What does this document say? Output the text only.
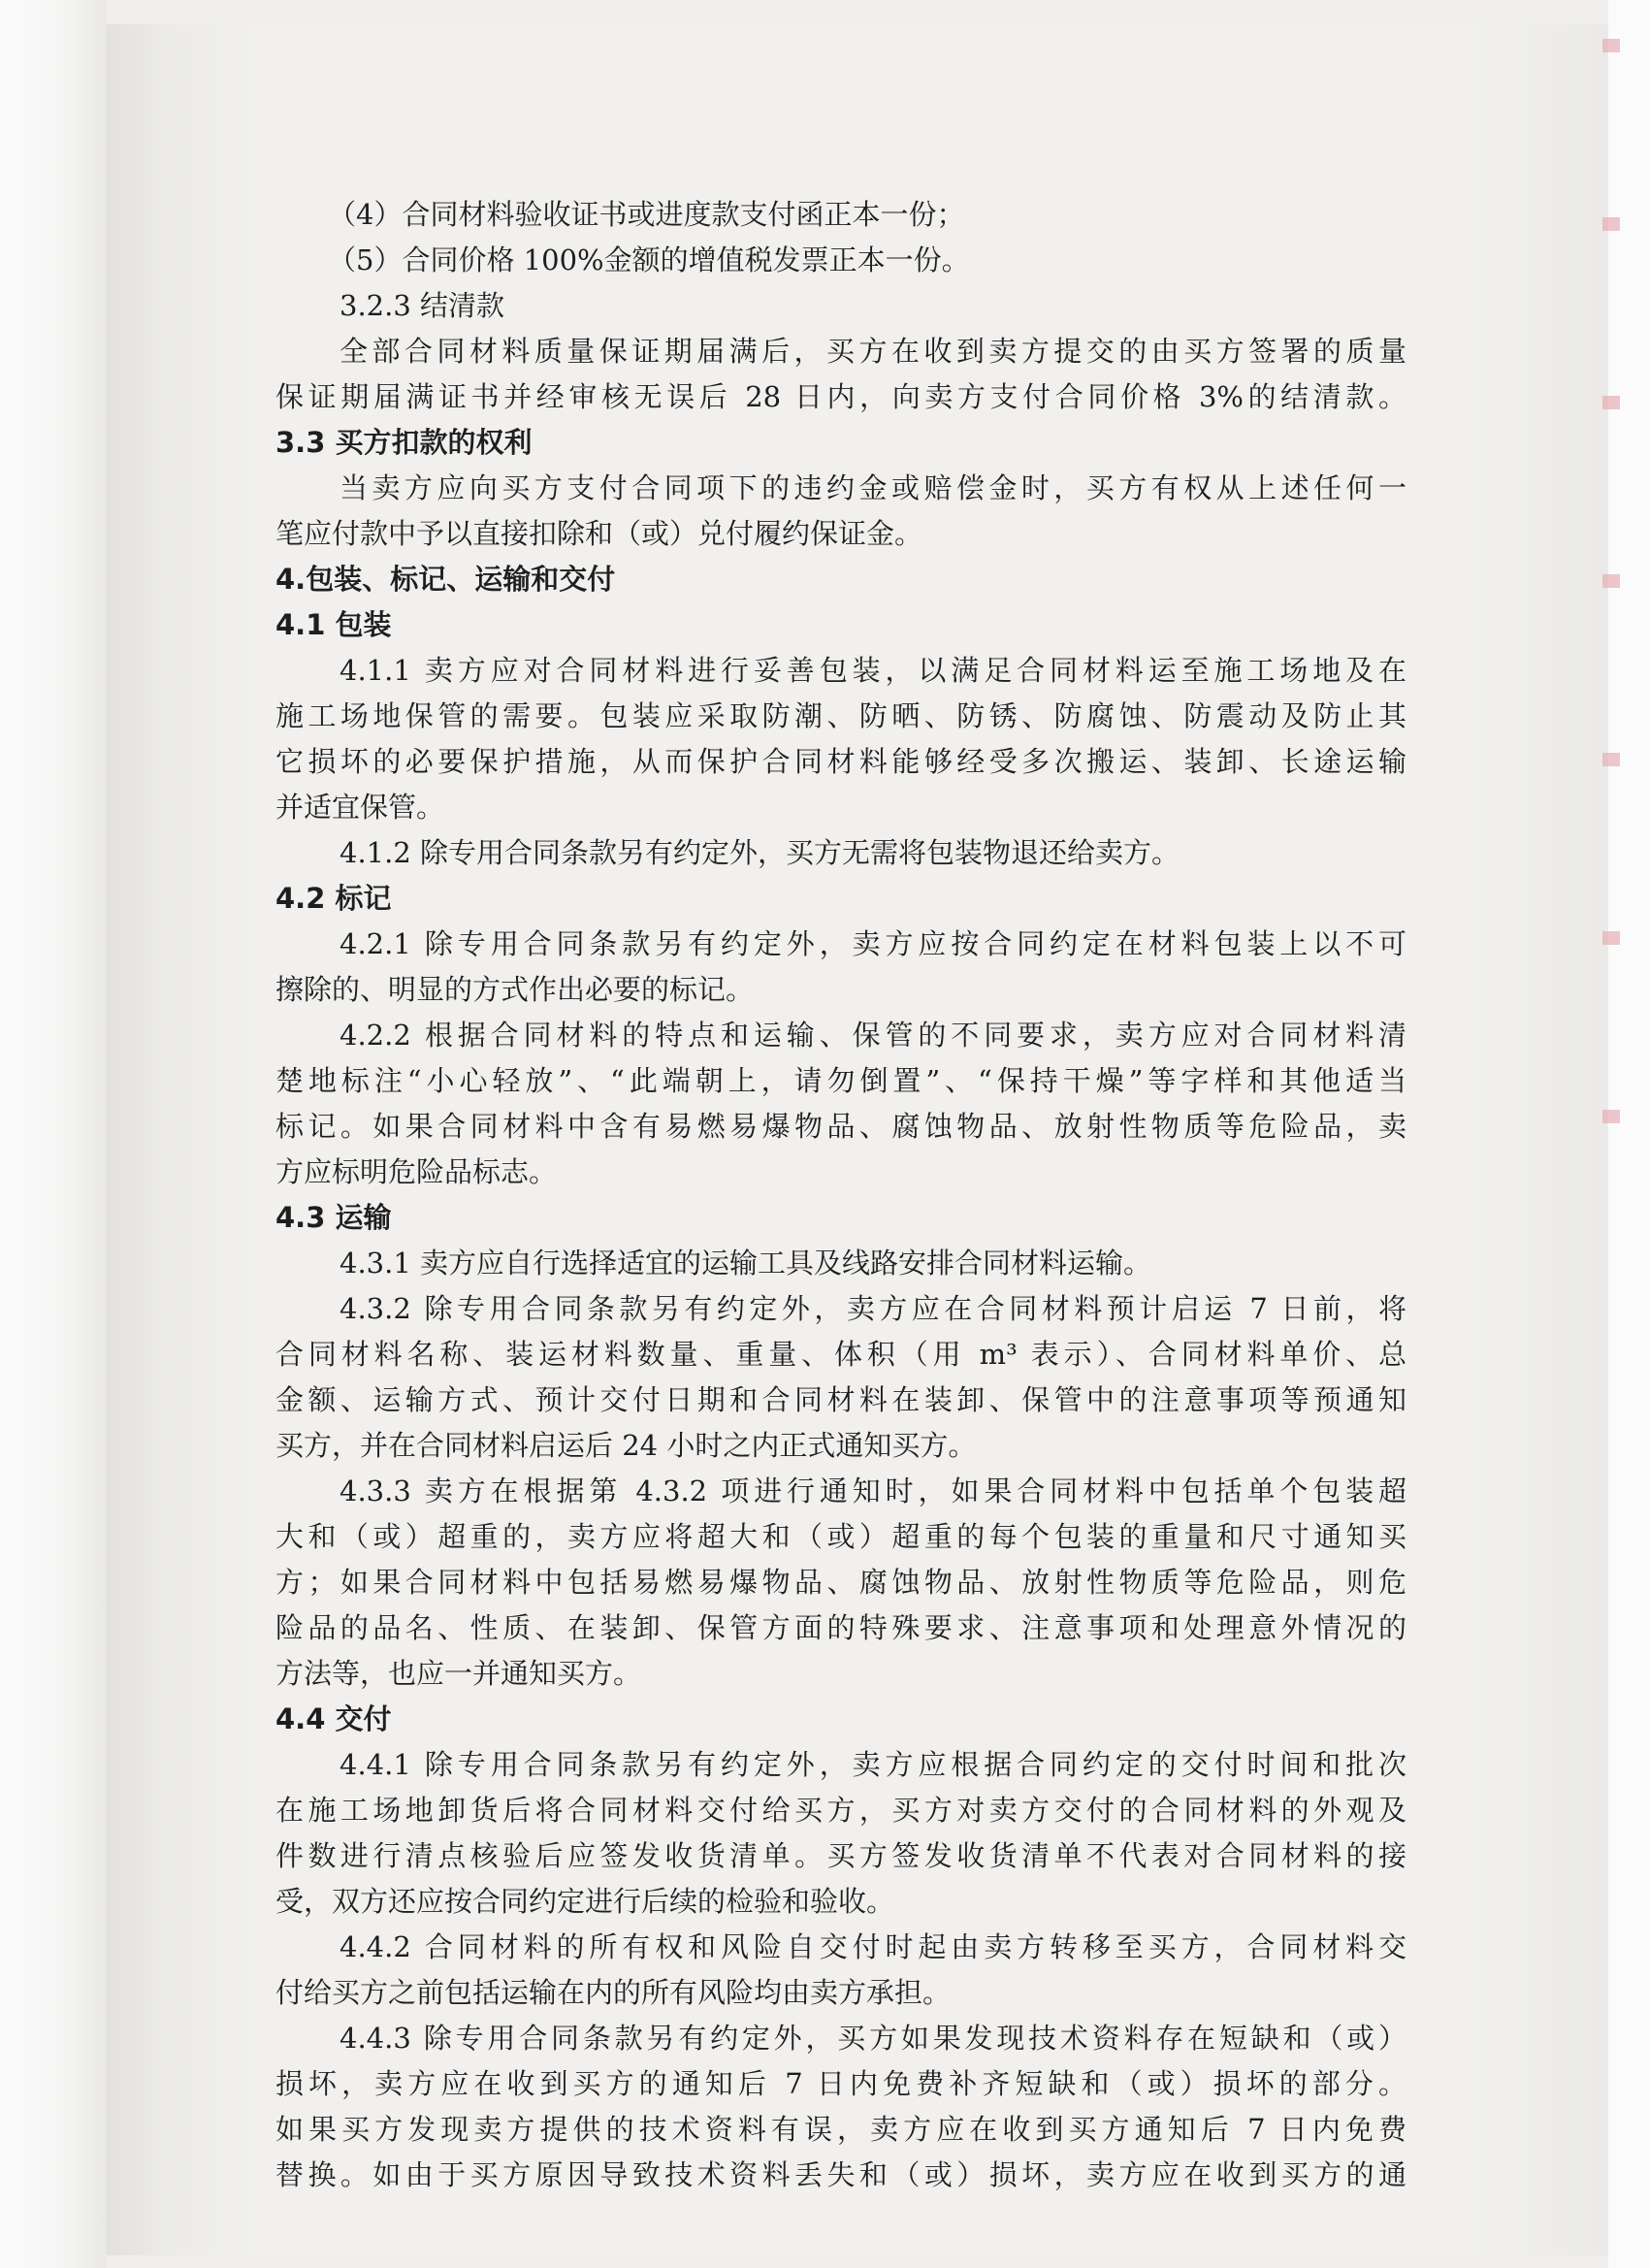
（4）合同材料验收证书或进度款支付函正本一份；
（5）合同价格 100%金额的增值税发票正本一份。
3.2.3 结清款
全部合同材料质量保证期届满后，买方在收到卖方提交的由买方签署的质量
保证期届满证书并经审核无误后 28 日内，向卖方支付合同价格 3%的结清款。
3.3 买方扣款的权利
当卖方应向买方支付合同项下的违约金或赔偿金时，买方有权从上述任何一
笔应付款中予以直接扣除和（或）兑付履约保证金。
4.包装、标记、运输和交付
4.1 包装
4.1.1 卖方应对合同材料进行妥善包装，以满足合同材料运至施工场地及在
施工场地保管的需要。包装应采取防潮、防晒、防锈、防腐蚀、防震动及防止其
它损坏的必要保护措施，从而保护合同材料能够经受多次搬运、装卸、长途运输
并适宜保管。
4.1.2 除专用合同条款另有约定外，买方无需将包装物退还给卖方。
4.2 标记
4.2.1 除专用合同条款另有约定外，卖方应按合同约定在材料包装上以不可
擦除的、明显的方式作出必要的标记。
4.2.2 根据合同材料的特点和运输、保管的不同要求，卖方应对合同材料清
楚地标注“小心轻放”、“此端朝上，请勿倒置”、“保持干燥”等字样和其他适当
标记。如果合同材料中含有易燃易爆物品、腐蚀物品、放射性物质等危险品，卖
方应标明危险品标志。
4.3 运输
4.3.1 卖方应自行选择适宜的运输工具及线路安排合同材料运输。
4.3.2 除专用合同条款另有约定外，卖方应在合同材料预计启运 7 日前，将
合同材料名称、装运材料数量、重量、体积（用 m³ 表示）、合同材料单价、总
金额、运输方式、预计交付日期和合同材料在装卸、保管中的注意事项等预通知
买方，并在合同材料启运后 24 小时之内正式通知买方。
4.3.3 卖方在根据第 4.3.2 项进行通知时，如果合同材料中包括单个包装超
大和（或）超重的，卖方应将超大和（或）超重的每个包装的重量和尺寸通知买
方；如果合同材料中包括易燃易爆物品、腐蚀物品、放射性物质等危险品，则危
险品的品名、性质、在装卸、保管方面的特殊要求、注意事项和处理意外情况的
方法等，也应一并通知买方。
4.4 交付
4.4.1 除专用合同条款另有约定外，卖方应根据合同约定的交付时间和批次
在施工场地卸货后将合同材料交付给买方，买方对卖方交付的合同材料的外观及
件数进行清点核验后应签发收货清单。买方签发收货清单不代表对合同材料的接
受，双方还应按合同约定进行后续的检验和验收。
4.4.2 合同材料的所有权和风险自交付时起由卖方转移至买方，合同材料交
付给买方之前包括运输在内的所有风险均由卖方承担。
4.4.3 除专用合同条款另有约定外，买方如果发现技术资料存在短缺和（或）
损坏，卖方应在收到买方的通知后 7 日内免费补齐短缺和（或）损坏的部分。
如果买方发现卖方提供的技术资料有误，卖方应在收到买方通知后 7 日内免费
替换。如由于买方原因导致技术资料丢失和（或）损坏，卖方应在收到买方的通
